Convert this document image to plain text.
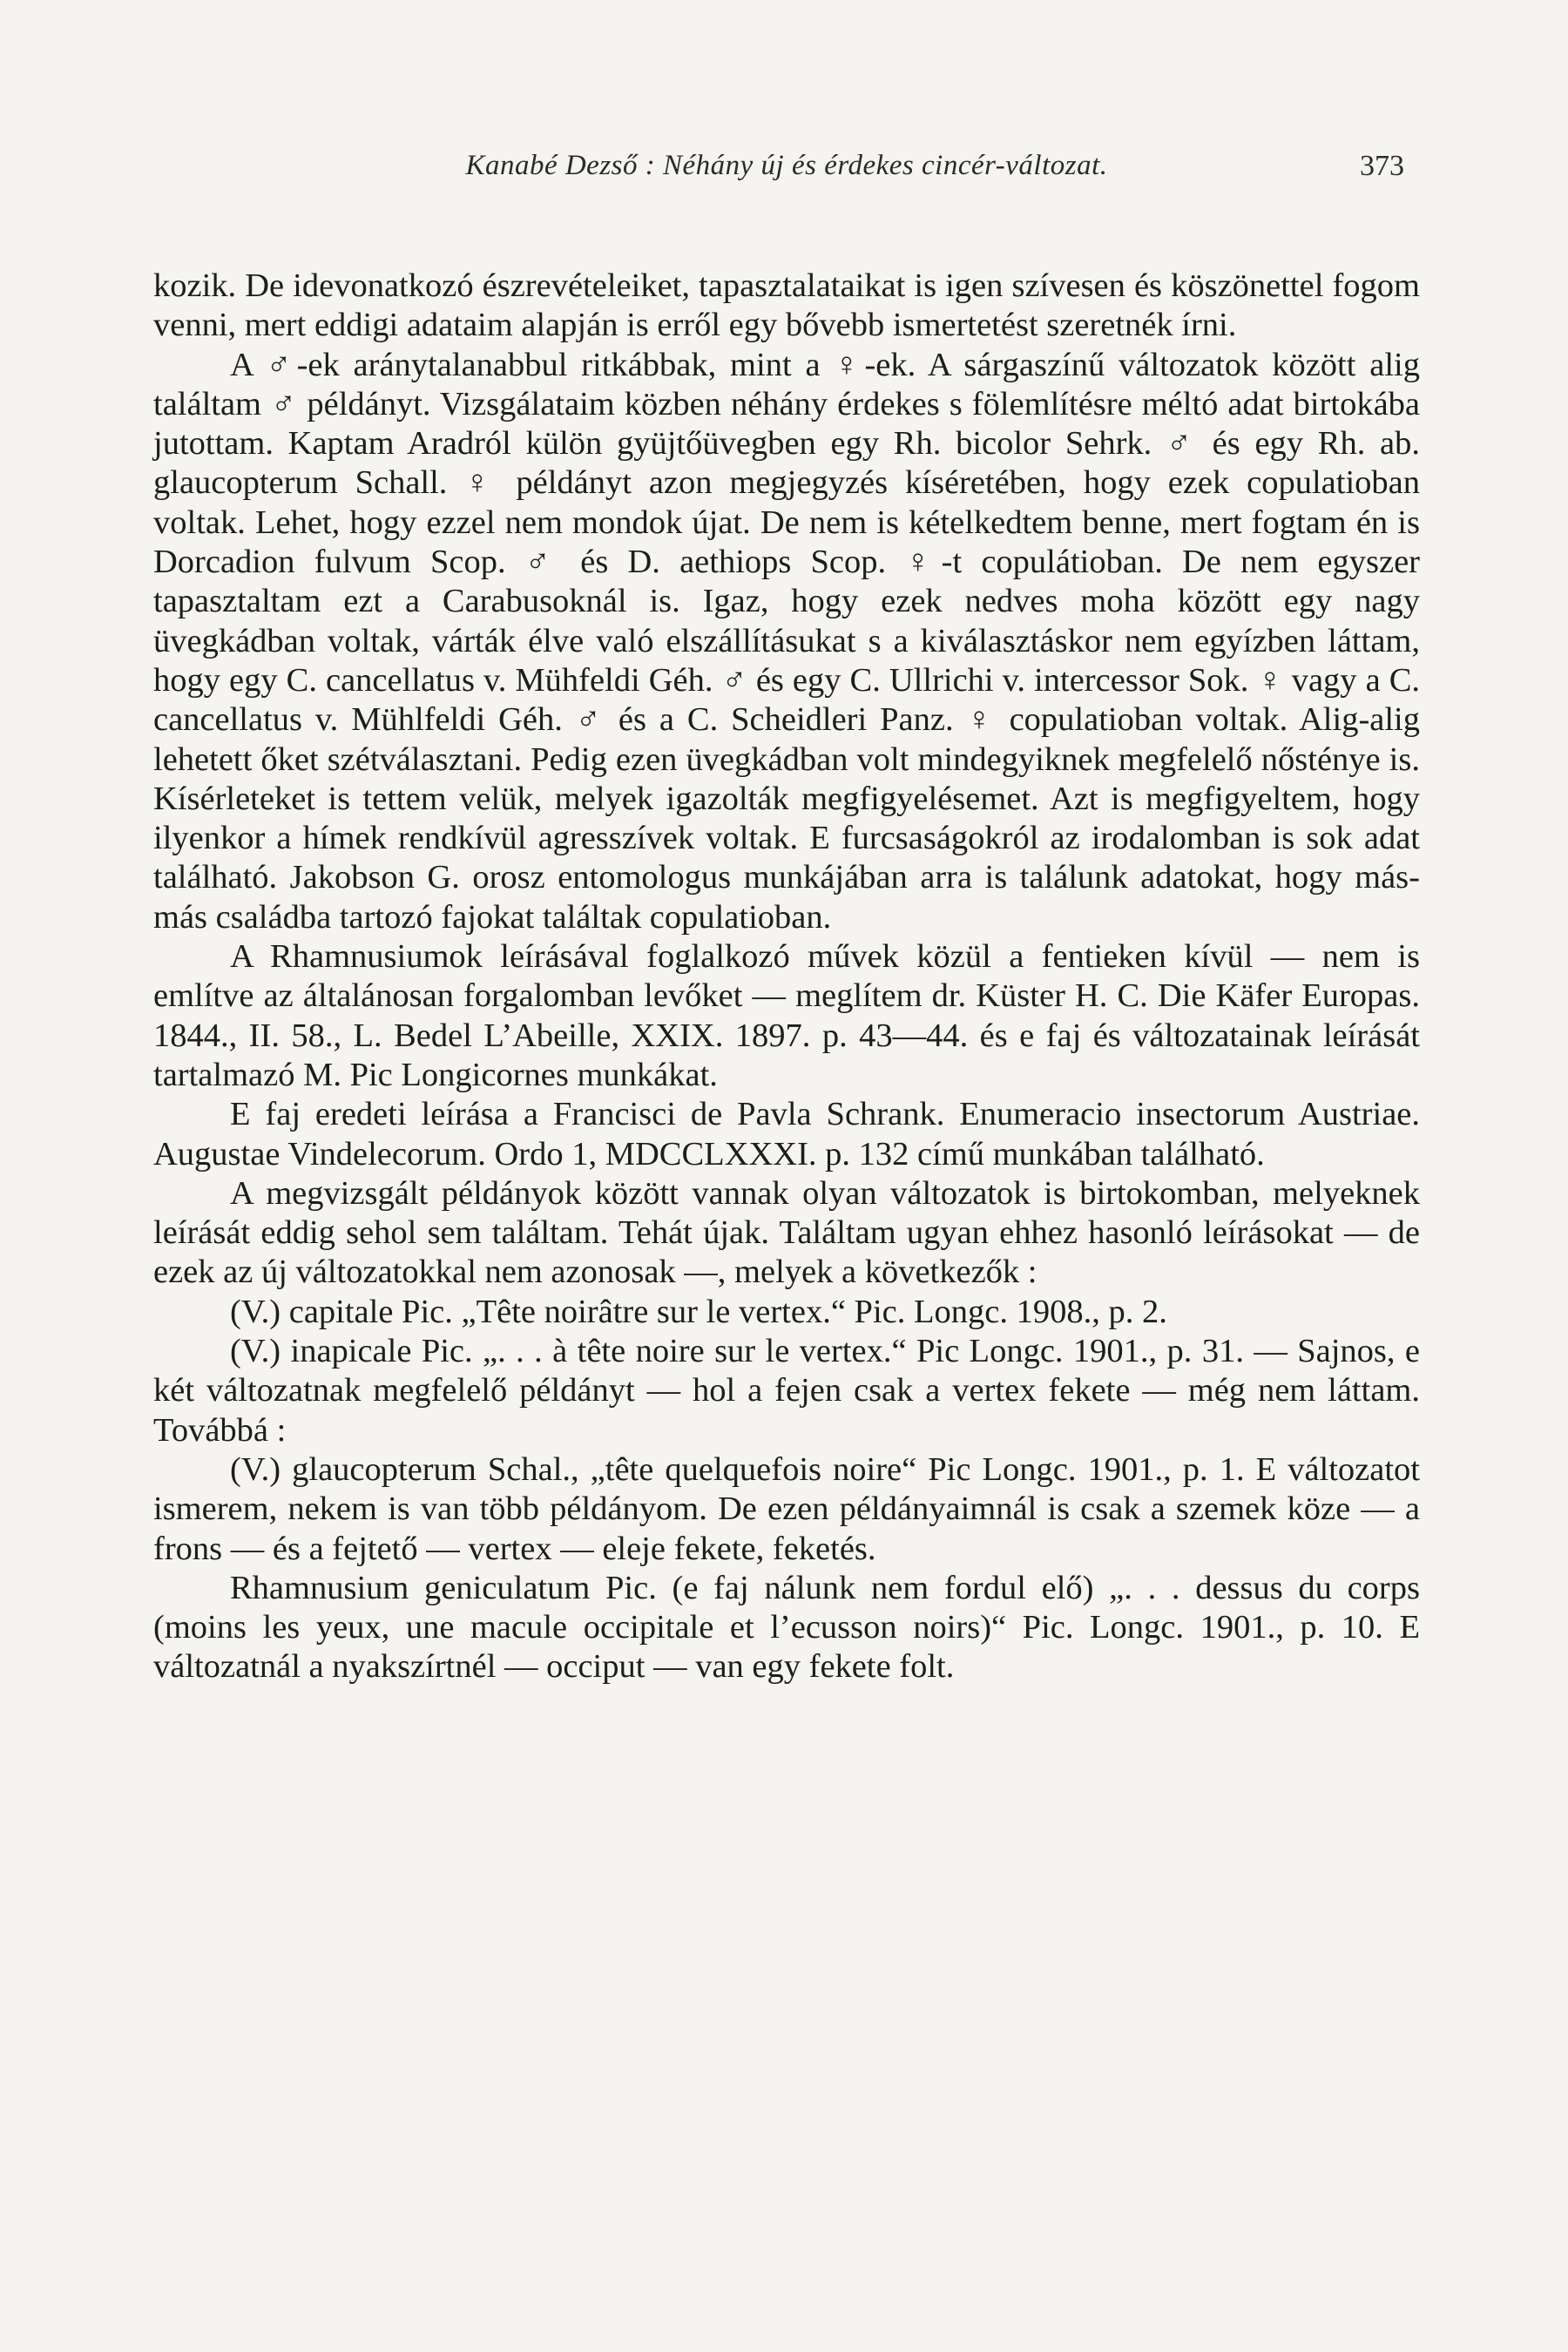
Kanabé Dezső : Néhány új és érdekes cincér-változat.	373

kozik. De idevonatkozó észrevételeiket, tapasztalataikat is igen szívesen és köszönettel fogom venni, mert eddigi adataim alapján is erről egy bővebb ismertetést szeretnék írni.

A ♂-ek aránytalanabbul ritkábbak, mint a ♀-ek. A sárgaszínű változatok között alig találtam ♂ példányt. Vizsgálataim közben néhány érdekes s fölemlítésre méltó adat birtokába jutottam. Kaptam Aradról külön gyüjtőüvegben egy Rh. bicolor Sehrk. ♂ és egy Rh. ab. glaucopterum Schall. ♀ példányt azon megjegyzés kíséretében, hogy ezek copulatioban voltak. Lehet, hogy ezzel nem mondok újat. De nem is kételkedtem benne, mert fogtam én is Dorcadion fulvum Scop. ♂ és D. aethiops Scop. ♀-t copulátioban. De nem egyszer tapasztaltam ezt a Carabusoknál is. Igaz, hogy ezek nedves moha között egy nagy üvegkádban voltak, várták élve való elszállításukat s a kiválasztáskor nem egyízben láttam, hogy egy C. cancellatus v. Mühfeldi Géh. ♂ és egy C. Ullrichi v. intercessor Sok. ♀ vagy a C. cancellatus v. Mühlfeldi Géh. ♂ és a C. Scheidleri Panz. ♀ copulatioban voltak. Alig-alig lehetett őket szétválasztani. Pedig ezen üvegkádban volt mindegyiknek megfelelő nősténye is. Kísérleteket is tettem velük, melyek igazolták megfigyelésemet. Azt is megfigyeltem, hogy ilyenkor a hímek rendkívül agresszívek voltak. E furcsaságokról az irodalomban is sok adat található. Jakobson G. orosz entomologus munkájában arra is találunk adatokat, hogy más-más családba tartozó fajokat találtak copulatioban.

A Rhamnusiumok leírásával foglalkozó művek közül a fentieken kívül — nem is említve az általánosan forgalomban levőket — meglítem dr. Küster H. C. Die Käfer Europas. 1844., II. 58., L. Bedel L’Abeille, XXIX. 1897. p. 43—44. és e faj és változatainak leírását tartalmazó M. Pic Longicornes munkákat.

E faj eredeti leírása a Francisci de Pavla Schrank. Enumeracio insectorum Austriae. Augustae Vindelecorum. Ordo 1, MDCCLXXXI. p. 132 című munkában található.

A megvizsgált példányok között vannak olyan változatok is birtokomban, melyeknek leírását eddig sehol sem találtam. Tehát újak. Találtam ugyan ehhez hasonló leírásokat — de ezek az új változatokkal nem azonosak —, melyek a következők :

(V.) capitale Pic. „Tête noirâtre sur le vertex.“ Pic. Longc. 1908., p. 2.

(V.) inapicale Pic. „. . . à tête noire sur le vertex.“ Pic Longc. 1901., p. 31. — Sajnos, e két változatnak megfelelő példányt — hol a fejen csak a vertex fekete — még nem láttam. Továbbá :

(V.) glaucopterum Schal., „tête quelquefois noire“ Pic Longc. 1901., p. 1. E változatot ismerem, nekem is van több példányom. De ezen példányaimnál is csak a szemek köze — a frons — és a fejtető — vertex — eleje fekete, feketés.

Rhamnusium geniculatum Pic. (e faj nálunk nem fordul elő) „. . . dessus du corps (moins les yeux, une macule occipitale et l’ecusson noirs)“ Pic. Longc. 1901., p. 10. E változatnál a nyakszírtnél — occiput — van egy fekete folt.
